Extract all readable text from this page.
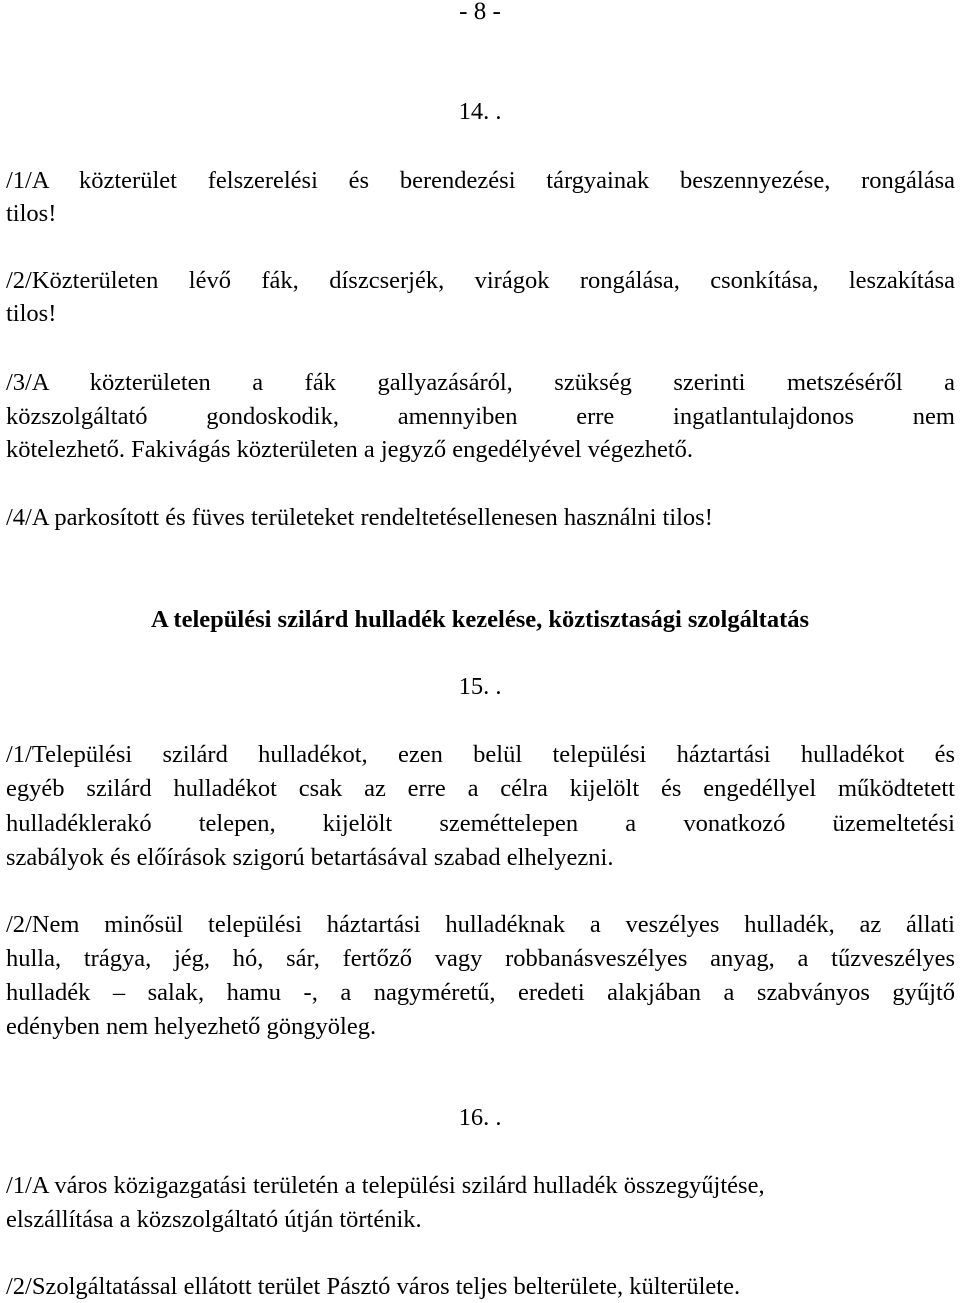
- 8 -
14. .
/1/A közterület felszerelési és berendezési tárgyainak beszennyezése, rongálása
tilos!
/2/Közterületen lévő fák, díszcserjék, virágok rongálása, csonkítása, leszakítása
tilos!
/3/A közterületen a fák gallyazásáról, szükség szerinti metszéséről a
közszolgáltató gondoskodik, amennyiben erre ingatlantulajdonos nem
kötelezhető. Fakivágás közterületen a jegyző engedélyével végezhető.
/4/A parkosított és füves területeket rendeltetésellenesen használni tilos!
A települési szilárd hulladék kezelése, köztisztasági szolgáltatás
15. .
/1/Települési szilárd hulladékot, ezen belül települési háztartási hulladékot és
egyéb szilárd hulladékot csak az erre a célra kijelölt és engedéllyel működtetett
hulladéklerakó telepen, kijelölt szeméttelepen a vonatkozó üzemeltetési
szabályok és előírások szigorú betartásával szabad elhelyezni.
/2/Nem minősül települési háztartási hulladéknak a veszélyes hulladék, az állati
hulla, trágya, jég, hó, sár, fertőző vagy robbanásveszélyes anyag, a tűzveszélyes
hulladék – salak, hamu -, a nagyméretű, eredeti alakjában a szabványos gyűjtő
edényben nem helyezhető göngyöleg.
16. .
/1/A város közigazgatási területén a települési szilárd hulladék összegyűjtése,
elszállítása a közszolgáltató útján történik.
/2/Szolgáltatással ellátott terület Pásztó város teljes belterülete, külterülete.
